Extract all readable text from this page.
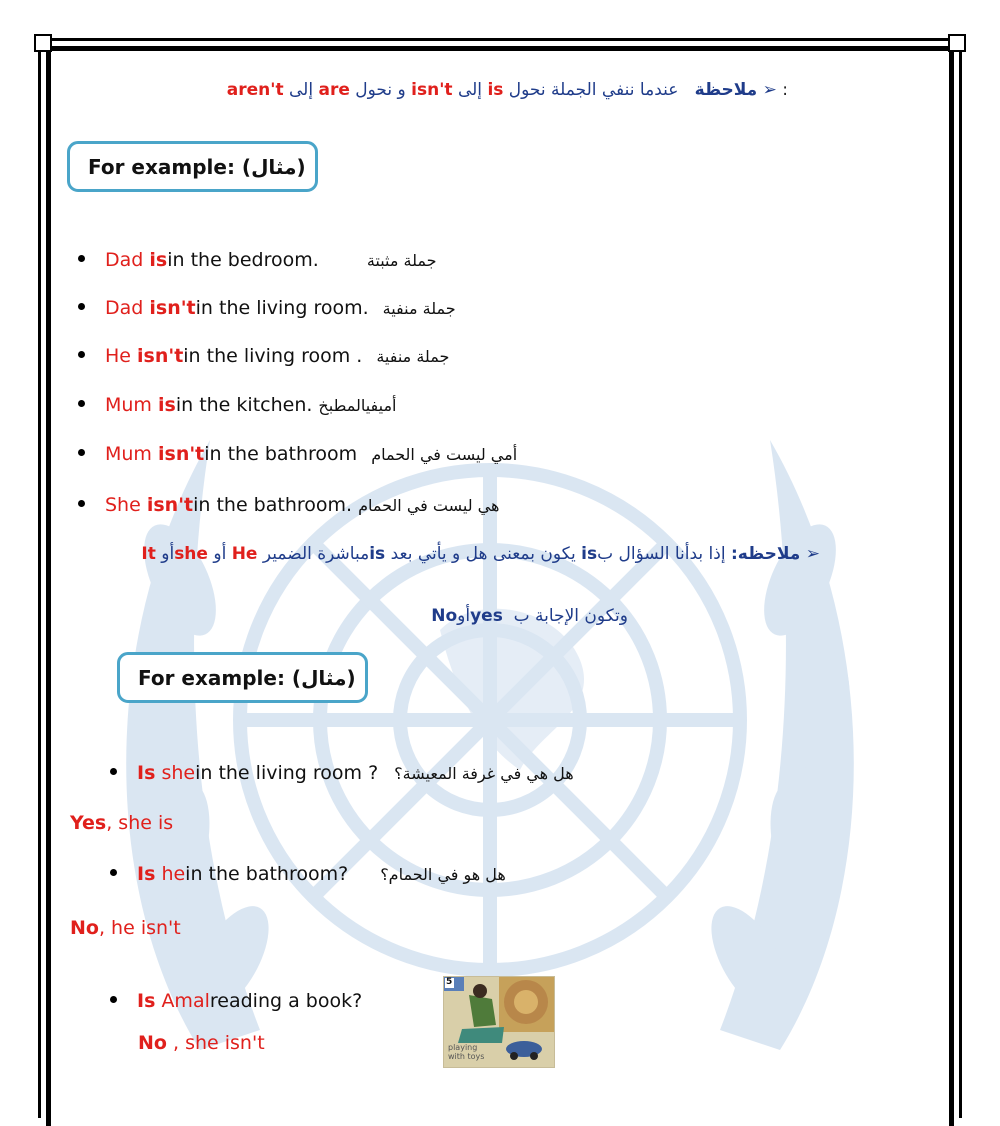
: ➢ ملاحظة   عندما ننفي الجملة نحول is إلى isn't و نحول are إلى aren't
For example: (مثال)
Dad
is in the bedroom.	جملة مثبتة
Dad
isn't in the living room. جملة منفية
He
isn't in the living room . جملة منفية
Mum
is in the kitchen. أميفيالمطبخ
Mum
isn't in the bathroom أمي ليست في الحمام
She
isn't in the bathroom. هي ليست في الحمام
➢ ملاحظه: إذا بدأنا السؤال بis يكون بمعنى هل و يأتي بعد isمباشرة الضمير He أو sheأو It
وتكون الإجابة ب  yesأوNo
For example: (مثال)
Is
she in the living room ? هل هي في غرفة المعيشة؟
Yes, she is
Is
he in the bathroom? هل هو في الحمام؟
No, he isn't
Is
Amal reading a book?
No , she isn't
5
playing
with toys
